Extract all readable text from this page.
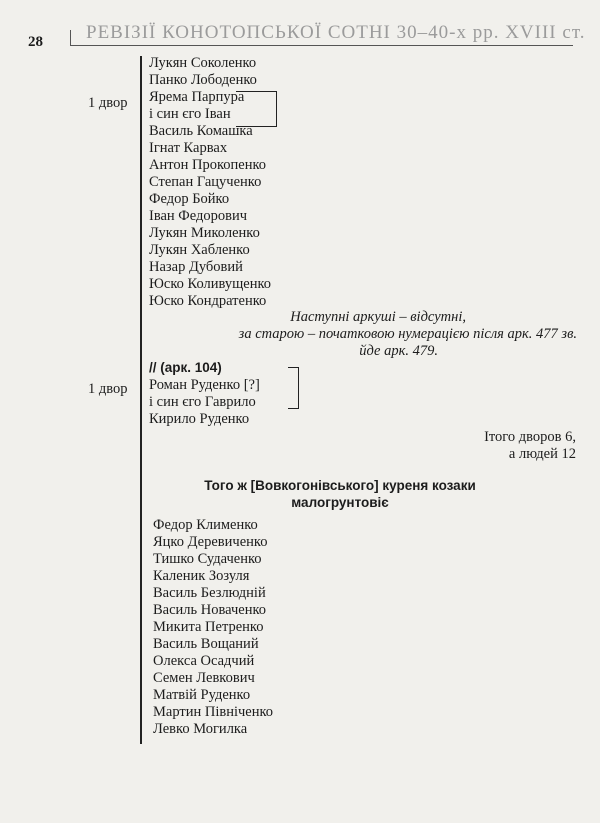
28 РЕВІЗІЇ КОНОТОПСЬКОЇ СОТНІ 30–40-х рр. XVIII ст.
1 двор
Лукян Соколенко
Панко Лободенко
Ярема Парпура
і син єго Іван
Василь Комашка
Ігнат Карвах
Антон Прокопенко
Степан Гацученко
Федор Бойко
Іван Федорович
Лукян Миколенко
Лукян Хабленко
Назар Дубовий
Юско Коливущенко
Юско Кондратенко
Наступні аркуші – відсутні,
за старою – початковою нумерацією після арк. 477 зв.
йде арк. 479.
// (арк. 104)
1 двор Роман Руденко [?]
і син єго Гаврило
Кирило Руденко
Ітого дворов 6,
а людей 12
Того ж [Вовкогонівського] куреня козаки
малогрунтовіє
Федор Клименко
Яцко Деревиченко
Тишко Судаченко
Каленик Зозуля
Василь Безлюдній
Василь Новаченко
Микита Петренко
Василь Вощаний
Олекса Осадчий
Семен Левкович
Матвій Руденко
Мартин Північенко
Левко Могилка
